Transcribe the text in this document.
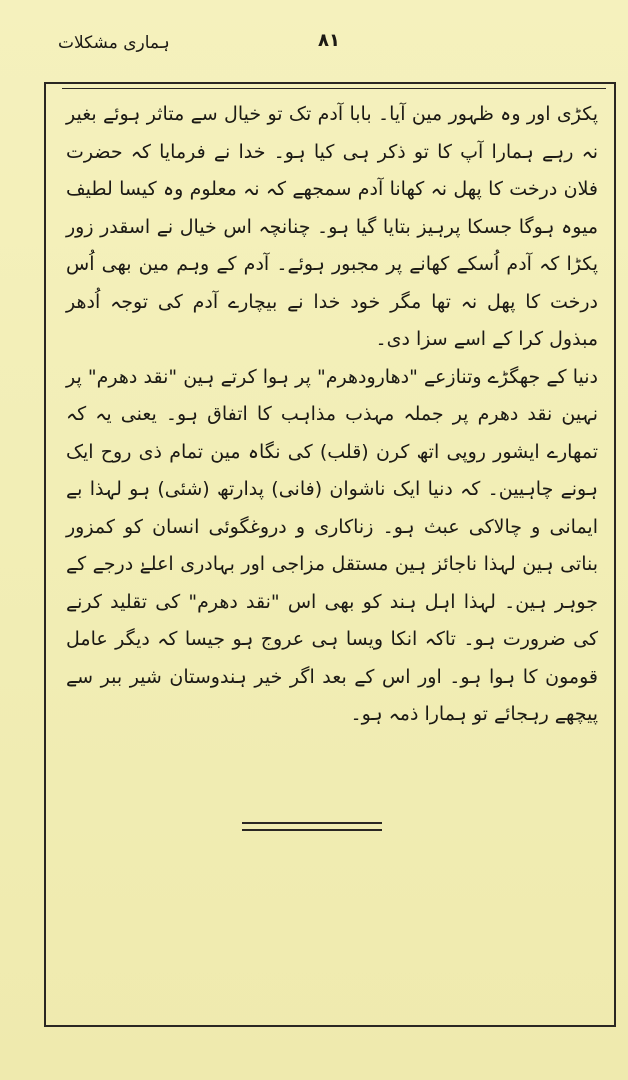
ہماری مشکلات	۸۱

پکڑی اور وہ ظہور مین آیا۔ بابا آدم تک تو خیال سے متاثر ہوئے بغیر نہ رہے ہمارا آپ کا تو ذکر ہی کیا ہو۔ خدا نے فرمایا کہ حضرت فلان درخت کا پھل نہ کھانا آدم سمجھے کہ نہ معلوم وہ کیسا لطیف میوہ ہوگا جسکا پرہیز بتایا گیا ہو۔ چنانچہ اس خیال نے اسقدر زور پکڑا کہ آدم اُسکے کھانے پر مجبور ہوئے۔ آدم کے وہم مین بھی اُس درخت کا پھل نہ تھا مگر خود خدا نے بیچارے آدم کی توجہ اُدھر مبذول کرا کے اسے سزا دی۔

دنیا کے جھگڑے وتنازعے "دھارودھرم" پر ہوا کرتے ہین "نقد دھرم" پر نہین نقد دھرم پر جملہ مہذب مذاہب کا اتفاق ہو۔ یعنی یہ کہ تمھارے ایشور روپی اتھ کرن (قلب) کی نگاہ مین تمام ذی روح ایک ہونے چاہیین۔ کہ دنیا ایک ناشوان (فانی) پدارتھ (شئی) ہو لہذا بے ایمانی و چالاکی عبث ہو۔ زناکاری و دروغگوئی انسان کو کمزور بناتی ہین لہذا ناجائز ہین مستقل مزاجی اور بہادری اعلےٰ درجے کے جوہر ہین۔ لہذا اہل ہند کو بھی اس "نقد دھرم" کی تقلید کرنے کی ضرورت ہو۔ تاکہ انکا ویسا ہی عروج ہو جیسا کہ دیگر عامل قومون کا ہوا ہو۔ اور اس کے بعد اگر خیر ہندوستان شیر ببر سے پیچھے رہجائے تو ہمارا ذمہ ہو۔
